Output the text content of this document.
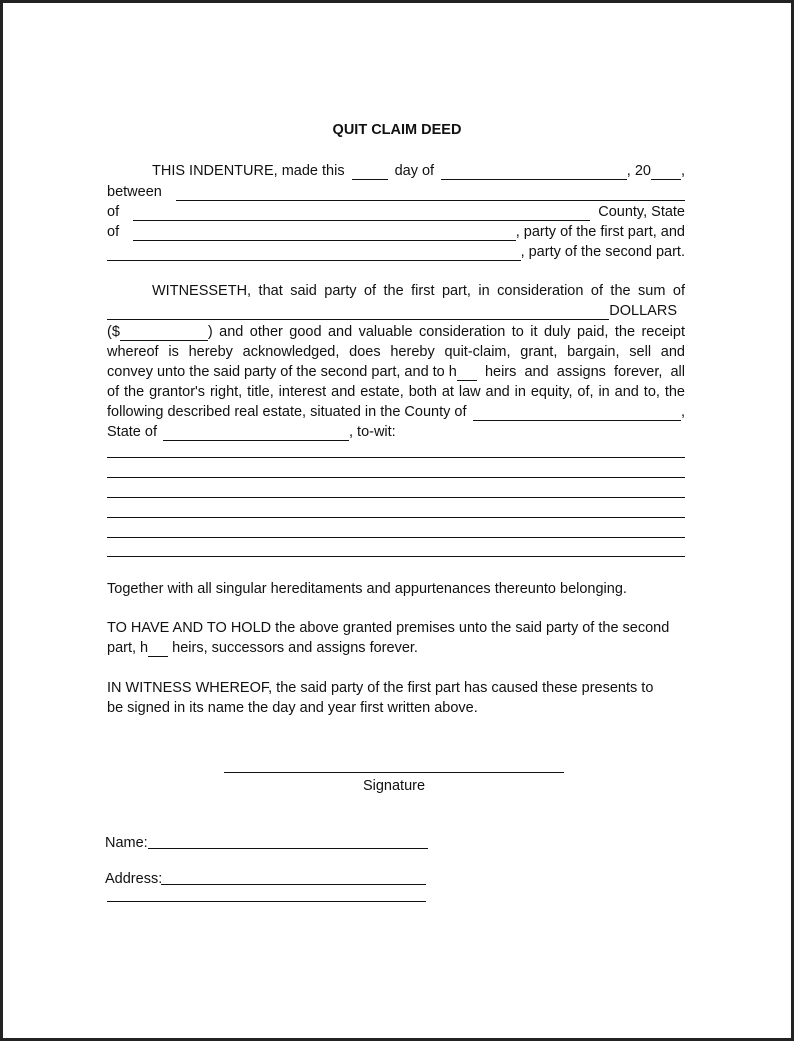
QUIT CLAIM DEED
THIS INDENTURE, made this	day of	, 20 ,
between
of	County, State
of	, party of the first part, and
, party of the second part.
WITNESSETH, that said party of the first part, in consideration of the sum of
DOLLARS
($	) and other good and valuable consideration to it duly paid, the receipt
whereof is hereby acknowledged, does hereby quit-claim, grant, bargain, sell and
convey unto the said party of the second part, and to h heirs and assigns forever, all
of the grantor's right, title, interest and estate, both at law and in equity, of, in and to, the
following described real estate, situated in the County of	,
State of	, to-wit:
Together with all singular hereditaments and appurtenances thereunto belonging.
TO HAVE AND TO HOLD the above granted premises unto the said party of the second
part, h heirs, successors and assigns forever.
IN WITNESS WHEREOF, the said party of the first part has caused these presents to
be signed in its name the day and year first written above.
Signature
Name:
Address:
